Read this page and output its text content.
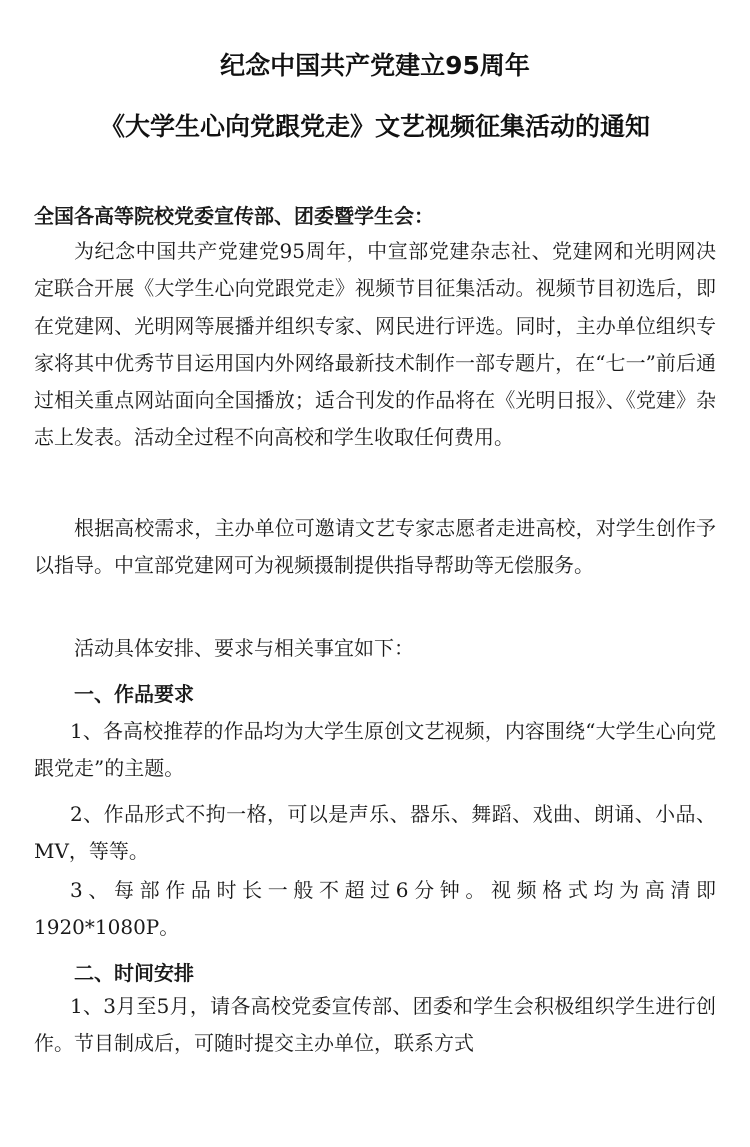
纪念中国共产党建立95周年
《大学生心向党跟党走》文艺视频征集活动的通知

全国各高等院校党委宣传部、团委暨学生会：

为纪念中国共产党建党95周年，中宣部党建杂志社、党建网和光明网决定联合开展《大学生心向党跟党走》视频节目征集活动。视频节目初选后，即在党建网、光明网等展播并组织专家、网民进行评选。同时，主办单位组织专家将其中优秀节目运用国内外网络最新技术制作一部专题片，在“七一”前后通过相关重点网站面向全国播放；适合刊发的作品将在《光明日报》、《党建》杂志上发表。活动全过程不向高校和学生收取任何费用。

根据高校需求，主办单位可邀请文艺专家志愿者走进高校，对学生创作予以指导。中宣部党建网可为视频摄制提供指导帮助等无偿服务。

活动具体安排、要求与相关事宜如下：

一、作品要求

1、各高校推荐的作品均为大学生原创文艺视频，内容围绕“大学生心向党跟党走”的主题。

2、作品形式不拘一格，可以是声乐、器乐、舞蹈、戏曲、朗诵、小品、MV，等等。

3、每部作品时长一般不超过6分钟。视频格式均为高清即1920*1080P。

二、时间安排

1、3月至5月，请各高校党委宣传部、团委和学生会积极组织学生进行创作。节目制成后，可随时提交主办单位，联系方式
